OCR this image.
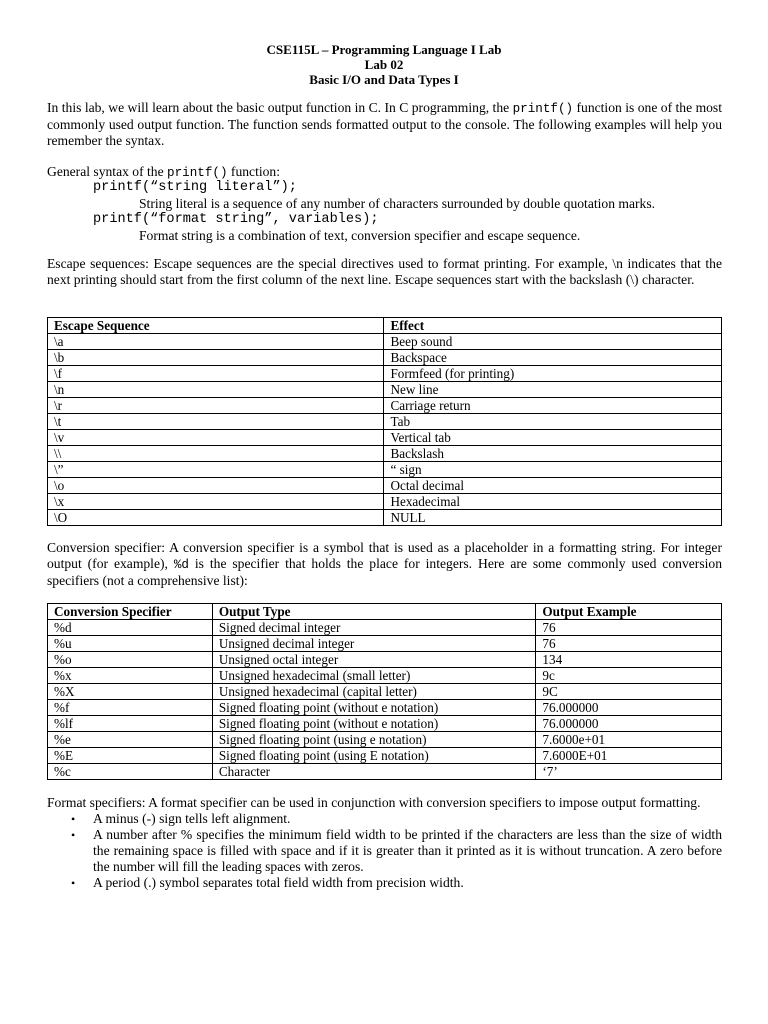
CSE115L – Programming Language I Lab
Lab 02
Basic I/O and Data Types I
In this lab, we will learn about the basic output function in C. In C programming, the printf() function is one of the most commonly used output function. The function sends formatted output to the console. The following examples will help you remember the syntax.
General syntax of the printf() function:
printf(“string literal”);
String literal is a sequence of any number of characters surrounded by double quotation marks.
printf(“format string”, variables);
Format string is a combination of text, conversion specifier and escape sequence.
Escape sequences: Escape sequences are the special directives used to format printing. For example, \n indicates that the next printing should start from the first column of the next line. Escape sequences start with the backslash (\) character.
Escape Sequence	Effect
\a	Beep sound
\b	Backspace
\f	Formfeed (for printing)
\n	New line
\r	Carriage return
\t	Tab
\v	Vertical tab
\\	Backslash
\”	“ sign
\o	Octal decimal
\x	Hexadecimal
\O	NULL
Conversion specifier: A conversion specifier is a symbol that is used as a placeholder in a formatting string. For integer output (for example), %d is the specifier that holds the place for integers. Here are some commonly used conversion specifiers (not a comprehensive list):
Conversion Specifier	Output Type	Output Example
%d	Signed decimal integer	76
%u	Unsigned decimal integer	76
%o	Unsigned octal integer	134
%x	Unsigned hexadecimal (small letter)	9c
%X	Unsigned hexadecimal (capital letter)	9C
%f	Signed floating point (without e notation)	76.000000
%lf	Signed floating point (without e notation)	76.000000
%e	Signed floating point (using e notation)	7.6000e+01
%E	Signed floating point (using E notation)	7.6000E+01
%c	Character	‘7’
Format specifiers: A format specifier can be used in conjunction with conversion specifiers to impose output formatting.
• A minus (-) sign tells left alignment.
• A number after % specifies the minimum field width to be printed if the characters are less than the size of width the remaining space is filled with space and if it is greater than it printed as it is without truncation. A zero before the number will fill the leading spaces with zeros.
• A period (.) symbol separates total field width from precision width.
